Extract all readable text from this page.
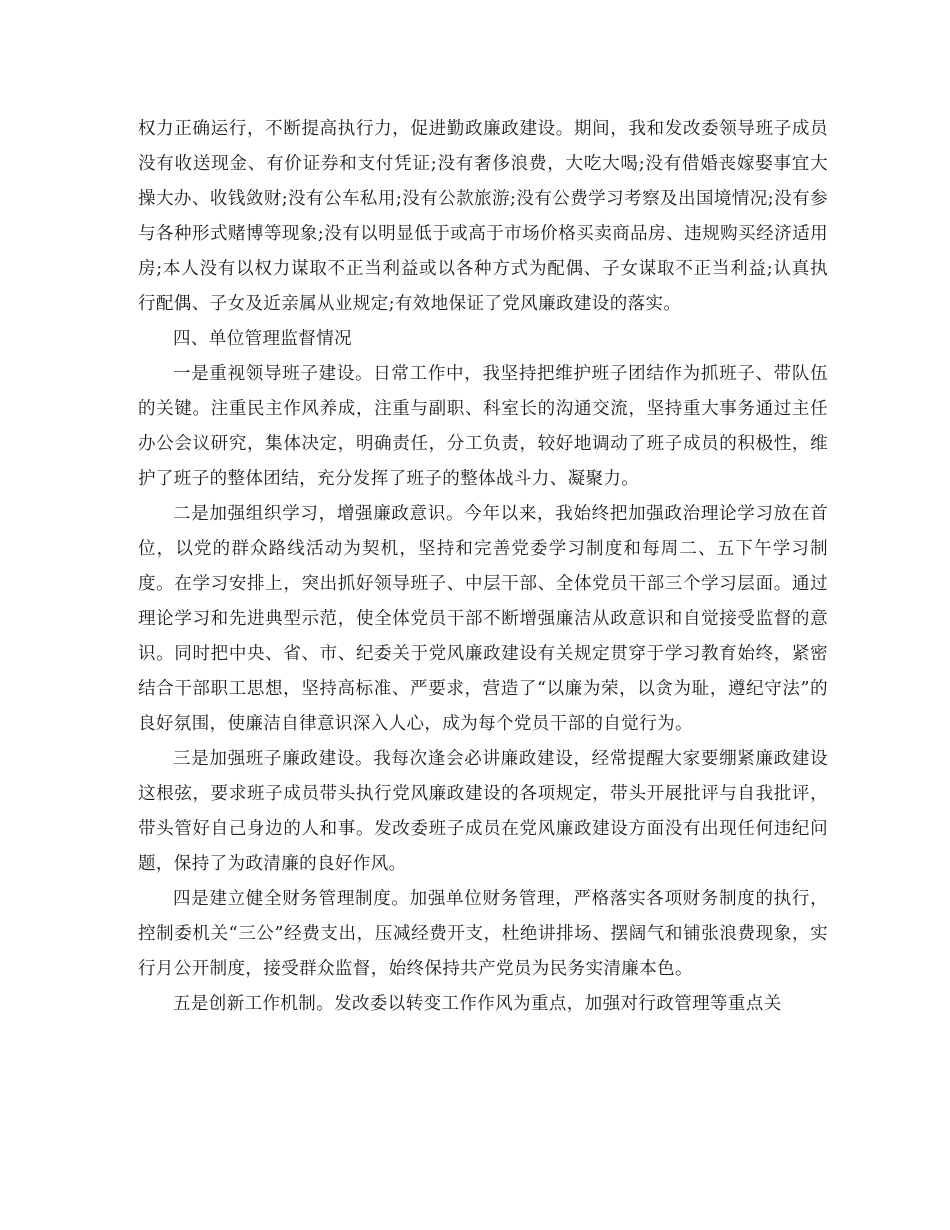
权力正确运行，不断提高执行力，促进勤政廉政建设。期间，我和发改委领导班子成员没有收送现金、有价证券和支付凭证;没有奢侈浪费，大吃大喝;没有借婚丧嫁娶事宜大操大办、收钱敛财;没有公车私用;没有公款旅游;没有公费学习考察及出国境情况;没有参与各种形式赌博等现象;没有以明显低于或高于市场价格买卖商品房、违规购买经济适用房;本人没有以权力谋取不正当利益或以各种方式为配偶、子女谋取不正当利益;认真执行配偶、子女及近亲属从业规定;有效地保证了党风廉政建设的落实。

四、单位管理监督情况

一是重视领导班子建设。日常工作中，我坚持把维护班子团结作为抓班子、带队伍的关键。注重民主作风养成，注重与副职、科室长的沟通交流，坚持重大事务通过主任办公会议研究，集体决定，明确责任，分工负责，较好地调动了班子成员的积极性，维护了班子的整体团结，充分发挥了班子的整体战斗力、凝聚力。

二是加强组织学习，增强廉政意识。今年以来，我始终把加强政治理论学习放在首位，以党的群众路线活动为契机，坚持和完善党委学习制度和每周二、五下午学习制度。在学习安排上，突出抓好领导班子、中层干部、全体党员干部三个学习层面。通过理论学习和先进典型示范，使全体党员干部不断增强廉洁从政意识和自觉接受监督的意识。同时把中央、省、市、纪委关于党风廉政建设有关规定贯穿于学习教育始终，紧密结合干部职工思想，坚持高标准、严要求，营造了“以廉为荣，以贪为耻，遵纪守法”的良好氛围，使廉洁自律意识深入人心，成为每个党员干部的自觉行为。

三是加强班子廉政建设。我每次逢会必讲廉政建设，经常提醒大家要绷紧廉政建设这根弦，要求班子成员带头执行党风廉政建设的各项规定，带头开展批评与自我批评，带头管好自己身边的人和事。发改委班子成员在党风廉政建设方面没有出现任何违纪问题，保持了为政清廉的良好作风。

四是建立健全财务管理制度。加强单位财务管理，严格落实各项财务制度的执行，控制委机关“三公”经费支出，压减经费开支，杜绝讲排场、摆阔气和铺张浪费现象，实行月公开制度，接受群众监督，始终保持共产党员为民务实清廉本色。

五是创新工作机制。发改委以转变工作作风为重点，加强对行政管理等重点关
